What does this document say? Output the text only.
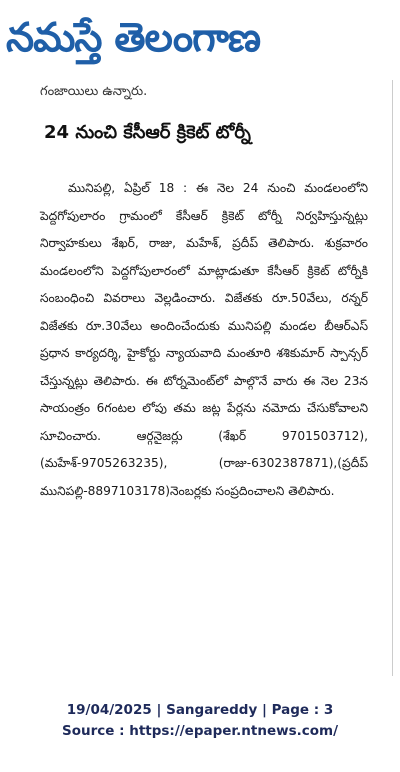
నమస్తే తెలంగాణ
గంజాయిలు ఉన్నారు.
24 నుంచి కేసీఆర్ క్రికెట్ టోర్నీ
మునిపల్లి, ఏప్రిల్ 18 : ఈ నెల 24 నుంచి మండలంలోని పెద్దగోపులారం గ్రామంలో కేసీఆర్ క్రికెట్ టోర్నీ నిర్వహిస్తున్నట్లు నిర్వాహకులు శేఖర్, రాజు, మహేశ్, ప్రదీప్ తెలిపారు. శుక్రవారం మండలంలోని పెద్దగోపులారంలో మాట్లాడుతూ కేసీఆర్ క్రికెట్ టోర్నీకి సంబంధించి వివరాలు వెల్లడించారు. విజేతకు రూ.50వేలు, రన్నర్ విజేతకు రూ.30వేలు అందించేందుకు మునిపల్లి మండల బీఆర్ఎస్ ప్రధాన కార్యదర్శి, హైకోర్టు న్యాయవాది మంతూరి శశికుమార్ స్పాన్సర్ చేస్తున్నట్లు తెలిపారు. ఈ టోర్నమెంట్‌లో పాల్గొనే వారు ఈ నెల 23న సాయంత్రం 6గంటల లోపు తమ జట్ల పేర్లను నమోదు చేసుకోవాలని సూచించారు. ఆర్గనైజర్లు (శేఖర్ 9701503712),(మహేశ్-9705263235), (రాజు-6302387871),(ప్రదీప్ మునిపల్లి-8897103178)నెంబర్లకు సంప్రదించాలని తెలిపారు.
19/04/2025 | Sangareddy | Page : 3
Source : https://epaper.ntnews.com/
